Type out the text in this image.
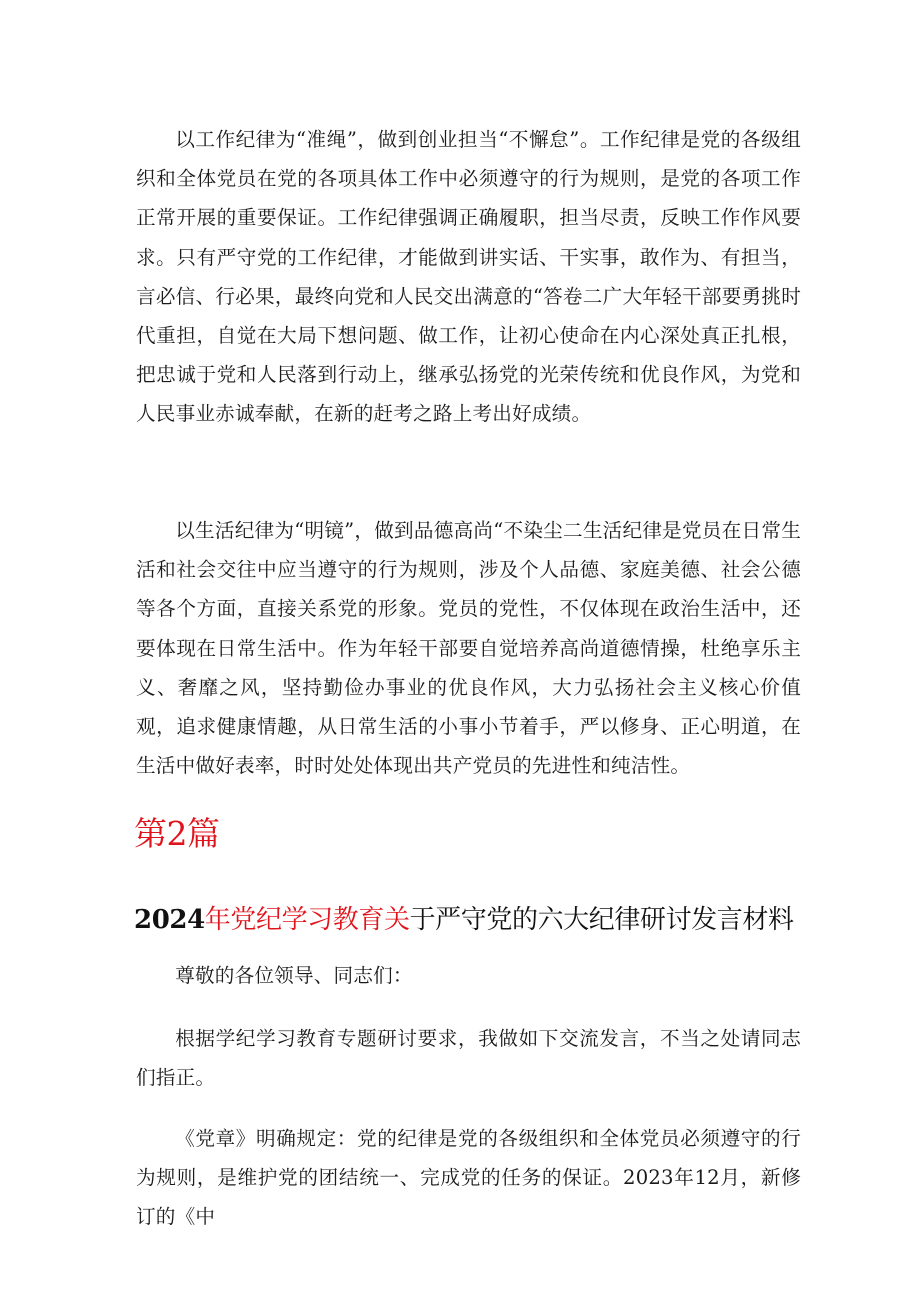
以工作纪律为“准绳”，做到创业担当“不懈怠”。工作纪律是党的各级组织和全体党员在党的各项具体工作中必须遵守的行为规则，是党的各项工作正常开展的重要保证。工作纪律强调正确履职，担当尽责，反映工作作风要求。只有严守党的工作纪律，才能做到讲实话、干实事，敢作为、有担当，言必信、行必果，最终向党和人民交出满意的“答卷二广大年轻干部要勇挑时代重担，自觉在大局下想问题、做工作，让初心使命在内心深处真正扎根，把忠诚于党和人民落到行动上，继承弘扬党的光荣传统和优良作风，为党和人民事业赤诚奉献，在新的赶考之路上考出好成绩。

以生活纪律为“明镜”，做到品德高尚“不染尘二生活纪律是党员在日常生活和社会交往中应当遵守的行为规则，涉及个人品德、家庭美德、社会公德等各个方面，直接关系党的形象。党员的党性，不仅体现在政治生活中，还要体现在日常生活中。作为年轻干部要自觉培养高尚道德情操，杜绝享乐主义、奢靡之风，坚持勤俭办事业的优良作风，大力弘扬社会主义核心价值观，追求健康情趣，从日常生活的小事小节着手，严以修身、正心明道，在生活中做好表率，时时处处体现出共产党员的先进性和纯洁性。

第2篇
2024年党纪学习教育关于严守党的六大纪律研讨发言材料

尊敬的各位领导、同志们：

根据学纪学习教育专题研讨要求，我做如下交流发言，不当之处请同志们指正。

《党章》明确规定：党的纪律是党的各级组织和全体党员必须遵守的行为规则，是维护党的团结统一、完成党的任务的保证。2023年12月，新修订的《中
